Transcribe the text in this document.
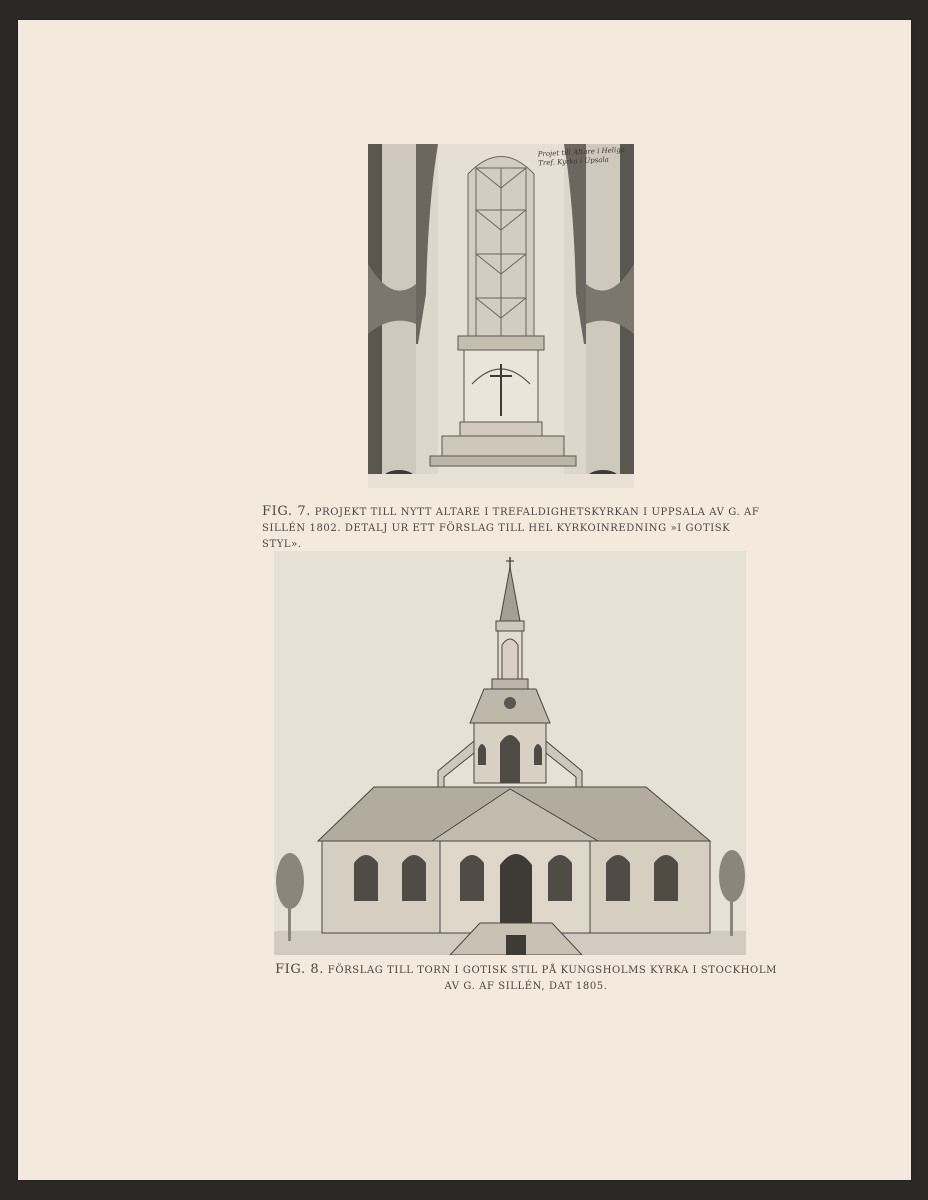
Projet till Altare i Heliga Tref. Kyrka i Upsala
FIG. 7. PROJEKT TILL NYTT ALTARE I TREFALDIGHETSKYRKAN I UPPSALA AV G. AF
SILLÉN 1802. DETALJ UR ETT FÖRSLAG TILL HEL KYRKOINREDNING »I GOTISK STYL».
FIG. 8. FÖRSLAG TILL TORN I GOTISK STIL PÅ KUNGSHOLMS KYRKA I STOCKHOLM
AV G. AF SILLÉN, DAT 1805.
